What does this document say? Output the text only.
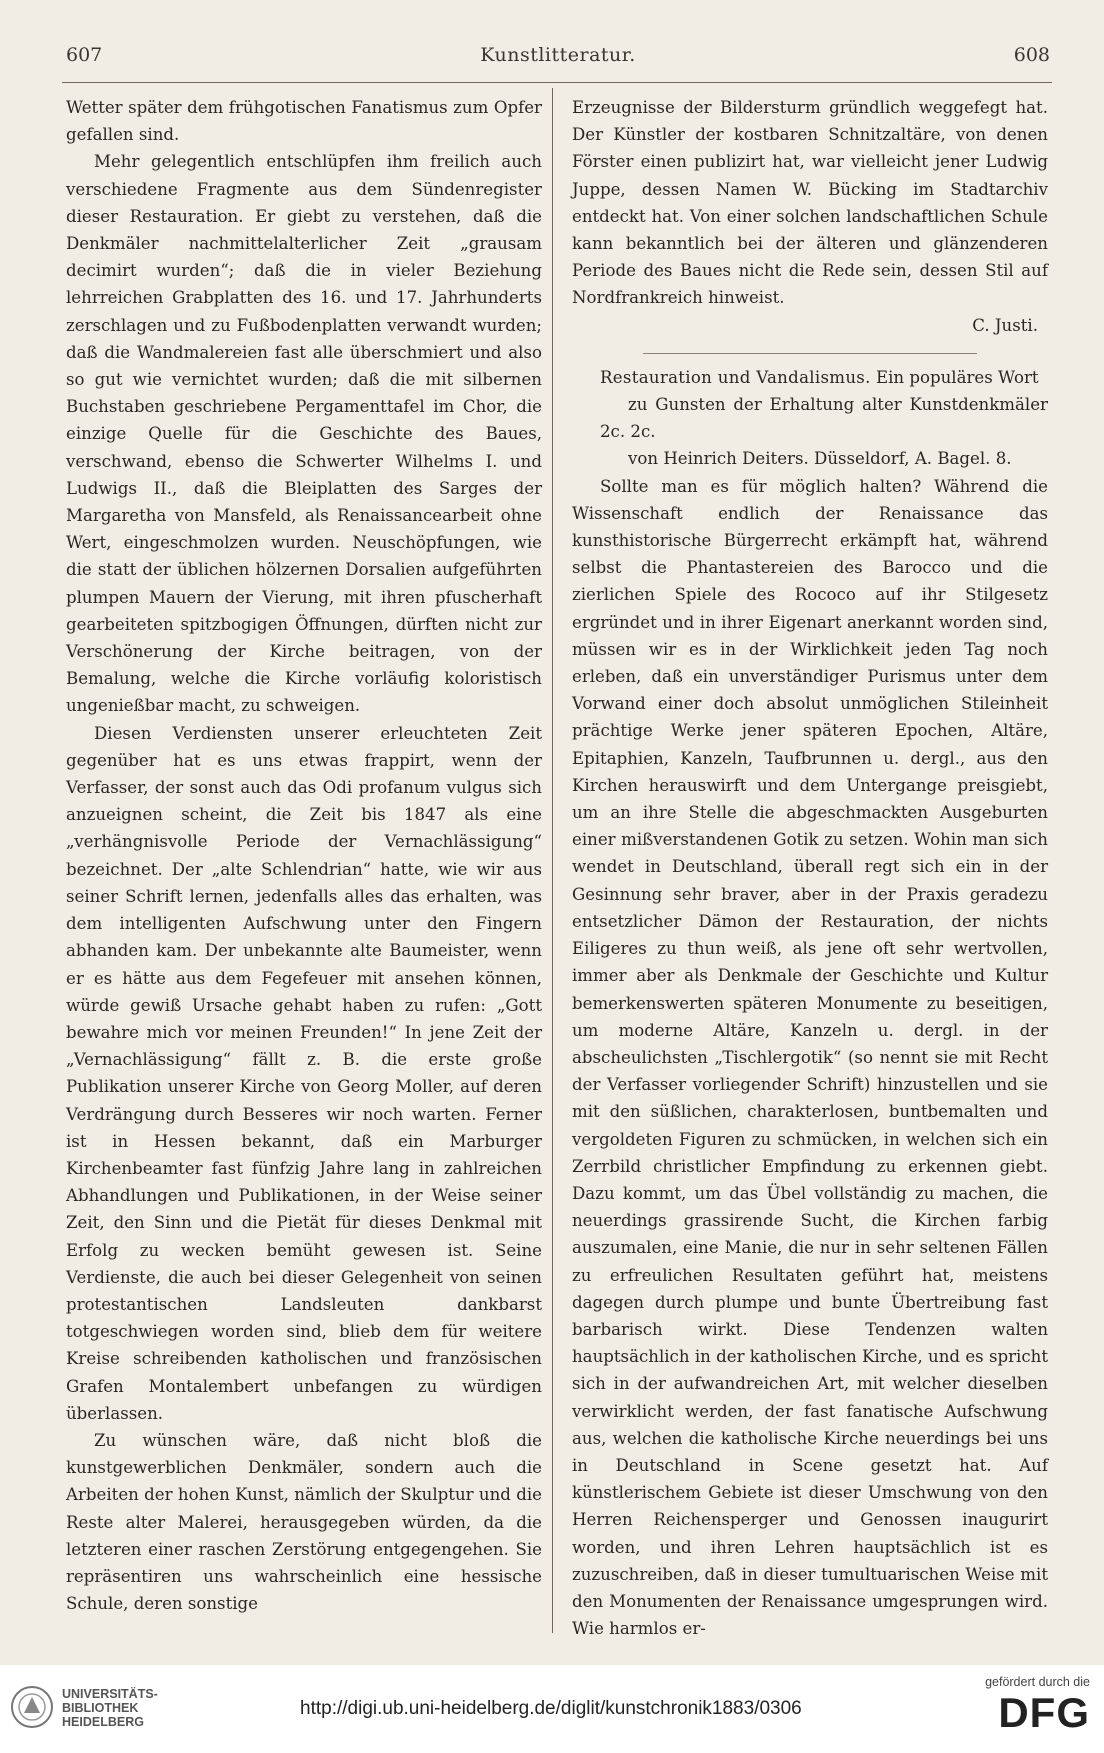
607	Kunstlitteratur.	608

Wetter später dem frühgotischen Fanatismus zum Opfer gefallen sind.

Mehr gelegentlich entschlüpfen ihm freilich auch verschiedene Fragmente aus dem Sündenregister dieser Restauration. Er giebt zu verstehen, daß die Denkmäler nachmittelalterlicher Zeit „grausam decimirt wurden“; daß die in vieler Beziehung lehrreichen Grabplatten des 16. und 17. Jahrhunderts zerschlagen und zu Fußbodenplatten verwandt wurden; daß die Wandmalereien fast alle überschmiert und also so gut wie vernichtet wurden; daß die mit silbernen Buchstaben geschriebene Pergamenttafel im Chor, die einzige Quelle für die Geschichte des Baues, verschwand, ebenso die Schwerter Wilhelms I. und Ludwigs II., daß die Bleiplatten des Sarges der Margaretha von Mansfeld, als Renaissancearbeit ohne Wert, eingeschmolzen wurden. Neuschöpfungen, wie die statt der üblichen hölzernen Dorsalien aufgeführten plumpen Mauern der Vierung, mit ihren pfuscherhaft gearbeiteten spitzbogigen Öffnungen, dürften nicht zur Verschönerung der Kirche beitragen, von der Bemalung, welche die Kirche vorläufig koloristisch ungenießbar macht, zu schweigen.

Diesen Verdiensten unserer erleuchteten Zeit gegenüber hat es uns etwas frappirt, wenn der Verfasser, der sonst auch das Odi profanum vulgus sich anzueignen scheint, die Zeit bis 1847 als eine „verhängnisvolle Periode der Vernachlässigung“ bezeichnet. Der „alte Schlendrian“ hatte, wie wir aus seiner Schrift lernen, jedenfalls alles das erhalten, was dem intelligenten Aufschwung unter den Fingern abhanden kam. Der unbekannte alte Baumeister, wenn er es hätte aus dem Fegefeuer mit ansehen können, würde gewiß Ursache gehabt haben zu rufen: „Gott bewahre mich vor meinen Freunden!“ In jene Zeit der „Vernachlässigung“ fällt z. B. die erste große Publikation unserer Kirche von Georg Moller, auf deren Verdrängung durch Besseres wir noch warten. Ferner ist in Hessen bekannt, daß ein Marburger Kirchenbeamter fast fünfzig Jahre lang in zahlreichen Abhandlungen und Publikationen, in der Weise seiner Zeit, den Sinn und die Pietät für dieses Denkmal mit Erfolg zu wecken bemüht gewesen ist. Seine Verdienste, die auch bei dieser Gelegenheit von seinen protestantischen Landsleuten dankbarst totgeschwiegen worden sind, blieb dem für weitere Kreise schreibenden katholischen und französischen Grafen Montalembert unbefangen zu würdigen überlassen.

Zu wünschen wäre, daß nicht bloß die kunstgewerblichen Denkmäler, sondern auch die Arbeiten der hohen Kunst, nämlich der Skulptur und die Reste alter Malerei, herausgegeben würden, da die letzteren einer raschen Zerstörung entgegengehen. Sie repräsentiren uns wahrscheinlich eine hessische Schule, deren sonstige

Erzeugnisse der Bildersturm gründlich weggefegt hat. Der Künstler der kostbaren Schnitzaltäre, von denen Förster einen publizirt hat, war vielleicht jener Ludwig Juppe, dessen Namen W. Bücking im Stadtarchiv entdeckt hat. Von einer solchen landschaftlichen Schule kann bekanntlich bei der älteren und glänzenderen Periode des Baues nicht die Rede sein, dessen Stil auf Nordfrankreich hinweist.

C. Justi.

Restauration und Vandalismus. Ein populäres Wort

zu Gunsten der Erhaltung alter Kunstdenkmäler 2c. 2c.

von Heinrich Deiters. Düsseldorf, A. Bagel. 8.

Sollte man es für möglich halten? Während die Wissenschaft endlich der Renaissance das kunsthistorische Bürgerrecht erkämpft hat, während selbst die Phantastereien des Barocco und die zierlichen Spiele des Rococo auf ihr Stilgesetz ergründet und in ihrer Eigenart anerkannt worden sind, müssen wir es in der Wirklichkeit jeden Tag noch erleben, daß ein unverständiger Purismus unter dem Vorwand einer doch absolut unmöglichen Stileinheit prächtige Werke jener späteren Epochen, Altäre, Epitaphien, Kanzeln, Taufbrunnen u. dergl., aus den Kirchen herauswirft und dem Untergange preisgiebt, um an ihre Stelle die abgeschmackten Ausgeburten einer mißverstandenen Gotik zu setzen. Wohin man sich wendet in Deutschland, überall regt sich ein in der Gesinnung sehr braver, aber in der Praxis geradezu entsetzlicher Dämon der Restauration, der nichts Eiligeres zu thun weiß, als jene oft sehr wertvollen, immer aber als Denkmale der Geschichte und Kultur bemerkenswerten späteren Monumente zu beseitigen, um moderne Altäre, Kanzeln u. dergl. in der abscheulichsten „Tischlergotik“ (so nennt sie mit Recht der Verfasser vorliegender Schrift) hinzustellen und sie mit den süßlichen, charakterlosen, buntbemalten und vergoldeten Figuren zu schmücken, in welchen sich ein Zerrbild christlicher Empfindung zu erkennen giebt. Dazu kommt, um das Übel vollständig zu machen, die neuerdings grassirende Sucht, die Kirchen farbig auszumalen, eine Manie, die nur in sehr seltenen Fällen zu erfreulichen Resultaten geführt hat, meistens dagegen durch plumpe und bunte Übertreibung fast barbarisch wirkt. Diese Tendenzen walten hauptsächlich in der katholischen Kirche, und es spricht sich in der aufwandreichen Art, mit welcher dieselben verwirklicht werden, der fast fanatische Aufschwung aus, welchen die katholische Kirche neuerdings bei uns in Deutschland in Scene gesetzt hat. Auf künstlerischem Gebiete ist dieser Umschwung von den Herren Reichensperger und Genossen inaugurirt worden, und ihren Lehren hauptsächlich ist es zuzuschreiben, daß in dieser tumultuarischen Weise mit den Monumenten der Renaissance umgesprungen wird. Wie harmlos er-

UNIVERSITÄTS-
BIBLIOTHEK
HEIDELBERG
http://digi.ub.uni-heidelberg.de/diglit/kunstchronik1883/0306
gefördert durch die
DFG
